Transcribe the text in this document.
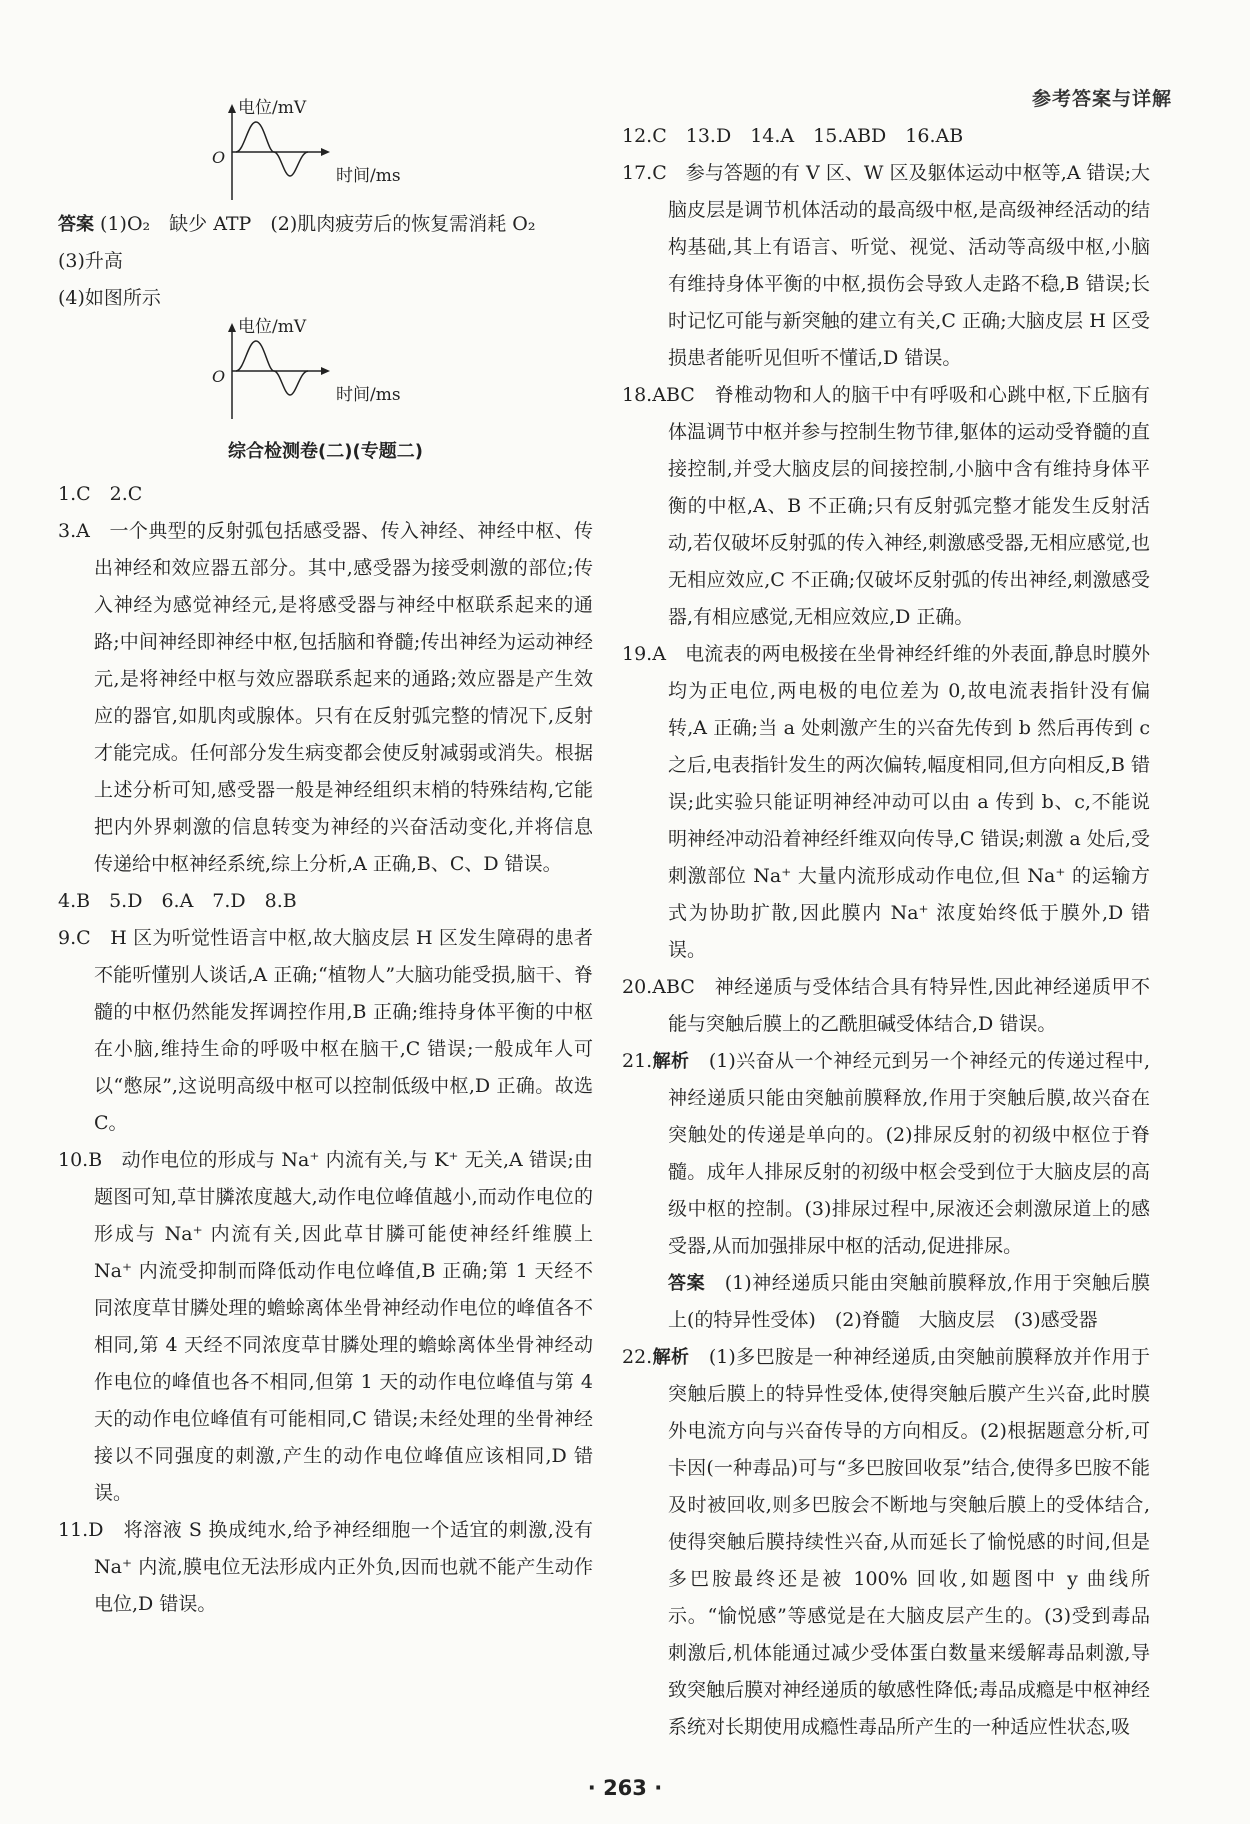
参考答案与详解
电位/mV
O
时间/ms

答案 (1)O₂　缺少 ATP　(2)肌肉疲劳后的恢复需消耗 O₂

(3)升高

(4)如图所示

电位/mV
O
时间/ms

综合检测卷(二)(专题二)

1.C　2.C

3.A　一个典型的反射弧包括感受器、传入神经、神经中枢、传出神经和效应器五部分。其中,感受器为接受刺激的部位;传入神经为感觉神经元,是将感受器与神经中枢联系起来的通路;中间神经即神经中枢,包括脑和脊髓;传出神经为运动神经元,是将神经中枢与效应器联系起来的通路;效应器是产生效应的器官,如肌肉或腺体。只有在反射弧完整的情况下,反射才能完成。任何部分发生病变都会使反射减弱或消失。根据上述分析可知,感受器一般是神经组织末梢的特殊结构,它能把内外界刺激的信息转变为神经的兴奋活动变化,并将信息传递给中枢神经系统,综上分析,A 正确,B、C、D 错误。

4.B　5.D　6.A　7.D　8.B

9.C　H 区为听觉性语言中枢,故大脑皮层 H 区发生障碍的患者不能听懂别人谈话,A 正确;“植物人”大脑功能受损,脑干、脊髓的中枢仍然能发挥调控作用,B 正确;维持身体平衡的中枢在小脑,维持生命的呼吸中枢在脑干,C 错误;一般成年人可以“憋尿”,这说明高级中枢可以控制低级中枢,D 正确。故选 C。

10.B　动作电位的形成与 Na⁺ 内流有关,与 K⁺ 无关,A 错误;由题图可知,草甘膦浓度越大,动作电位峰值越小,而动作电位的形成与 Na⁺ 内流有关,因此草甘膦可能使神经纤维膜上 Na⁺ 内流受抑制而降低动作电位峰值,B 正确;第 1 天经不同浓度草甘膦处理的蟾蜍离体坐骨神经动作电位的峰值各不相同,第 4 天经不同浓度草甘膦处理的蟾蜍离体坐骨神经动作电位的峰值也各不相同,但第 1 天的动作电位峰值与第 4 天的动作电位峰值有可能相同,C 错误;未经处理的坐骨神经接以不同强度的刺激,产生的动作电位峰值应该相同,D 错误。

11.D　将溶液 S 换成纯水,给予神经细胞一个适宜的刺激,没有 Na⁺ 内流,膜电位无法形成内正外负,因而也就不能产生动作电位,D 错误。

12.C　13.D　14.A　15.ABD　16.AB

17.C　参与答题的有 V 区、W 区及躯体运动中枢等,A 错误;大脑皮层是调节机体活动的最高级中枢,是高级神经活动的结构基础,其上有语言、听觉、视觉、活动等高级中枢,小脑有维持身体平衡的中枢,损伤会导致人走路不稳,B 错误;长时记忆可能与新突触的建立有关,C 正确;大脑皮层 H 区受损患者能听见但听不懂话,D 错误。

18.ABC　脊椎动物和人的脑干中有呼吸和心跳中枢,下丘脑有体温调节中枢并参与控制生物节律,躯体的运动受脊髓的直接控制,并受大脑皮层的间接控制,小脑中含有维持身体平衡的中枢,A、B 不正确;只有反射弧完整才能发生反射活动,若仅破坏反射弧的传入神经,刺激感受器,无相应感觉,也无相应效应,C 不正确;仅破坏反射弧的传出神经,刺激感受器,有相应感觉,无相应效应,D 正确。

19.A　电流表的两电极接在坐骨神经纤维的外表面,静息时膜外均为正电位,两电极的电位差为 0,故电流表指针没有偏转,A 正确;当 a 处刺激产生的兴奋先传到 b 然后再传到 c 之后,电表指针发生的两次偏转,幅度相同,但方向相反,B 错误;此实验只能证明神经冲动可以由 a 传到 b、c,不能说明神经冲动沿着神经纤维双向传导,C 错误;刺激 a 处后,受刺激部位 Na⁺ 大量内流形成动作电位,但 Na⁺ 的运输方式为协助扩散,因此膜内 Na⁺ 浓度始终低于膜外,D 错误。

20.ABC　神经递质与受体结合具有特异性,因此神经递质甲不能与突触后膜上的乙酰胆碱受体结合,D 错误。

21.解析　 (1)兴奋从一个神经元到另一个神经元的传递过程中,神经递质只能由突触前膜释放,作用于突触后膜,故兴奋在突触处的传递是单向的。(2)排尿反射的初级中枢位于脊髓。成年人排尿反射的初级中枢会受到位于大脑皮层的高级中枢的控制。(3)排尿过程中,尿液还会刺激尿道上的感受器,从而加强排尿中枢的活动,促进排尿。

答案　 (1)神经递质只能由突触前膜释放,作用于突触后膜上(的特异性受体)　(2)脊髓　大脑皮层　(3)感受器

22.解析　 (1)多巴胺是一种神经递质,由突触前膜释放并作用于突触后膜上的特异性受体,使得突触后膜产生兴奋,此时膜外电流方向与兴奋传导的方向相反。(2)根据题意分析,可卡因(一种毒品)可与“多巴胺回收泵”结合,使得多巴胺不能及时被回收,则多巴胺会不断地与突触后膜上的受体结合,使得突触后膜持续性兴奋,从而延长了愉悦感的时间,但是多巴胺最终还是被 100% 回收,如题图中 y 曲线所示。“愉悦感”等感觉是在大脑皮层产生的。(3)受到毒品刺激后,机体能通过减少受体蛋白数量来缓解毒品刺激,导致突触后膜对神经递质的敏感性降低;毒品成瘾是中枢神经系统对长期使用成瘾性毒品所产生的一种适应性状态,吸

· 263 ·
